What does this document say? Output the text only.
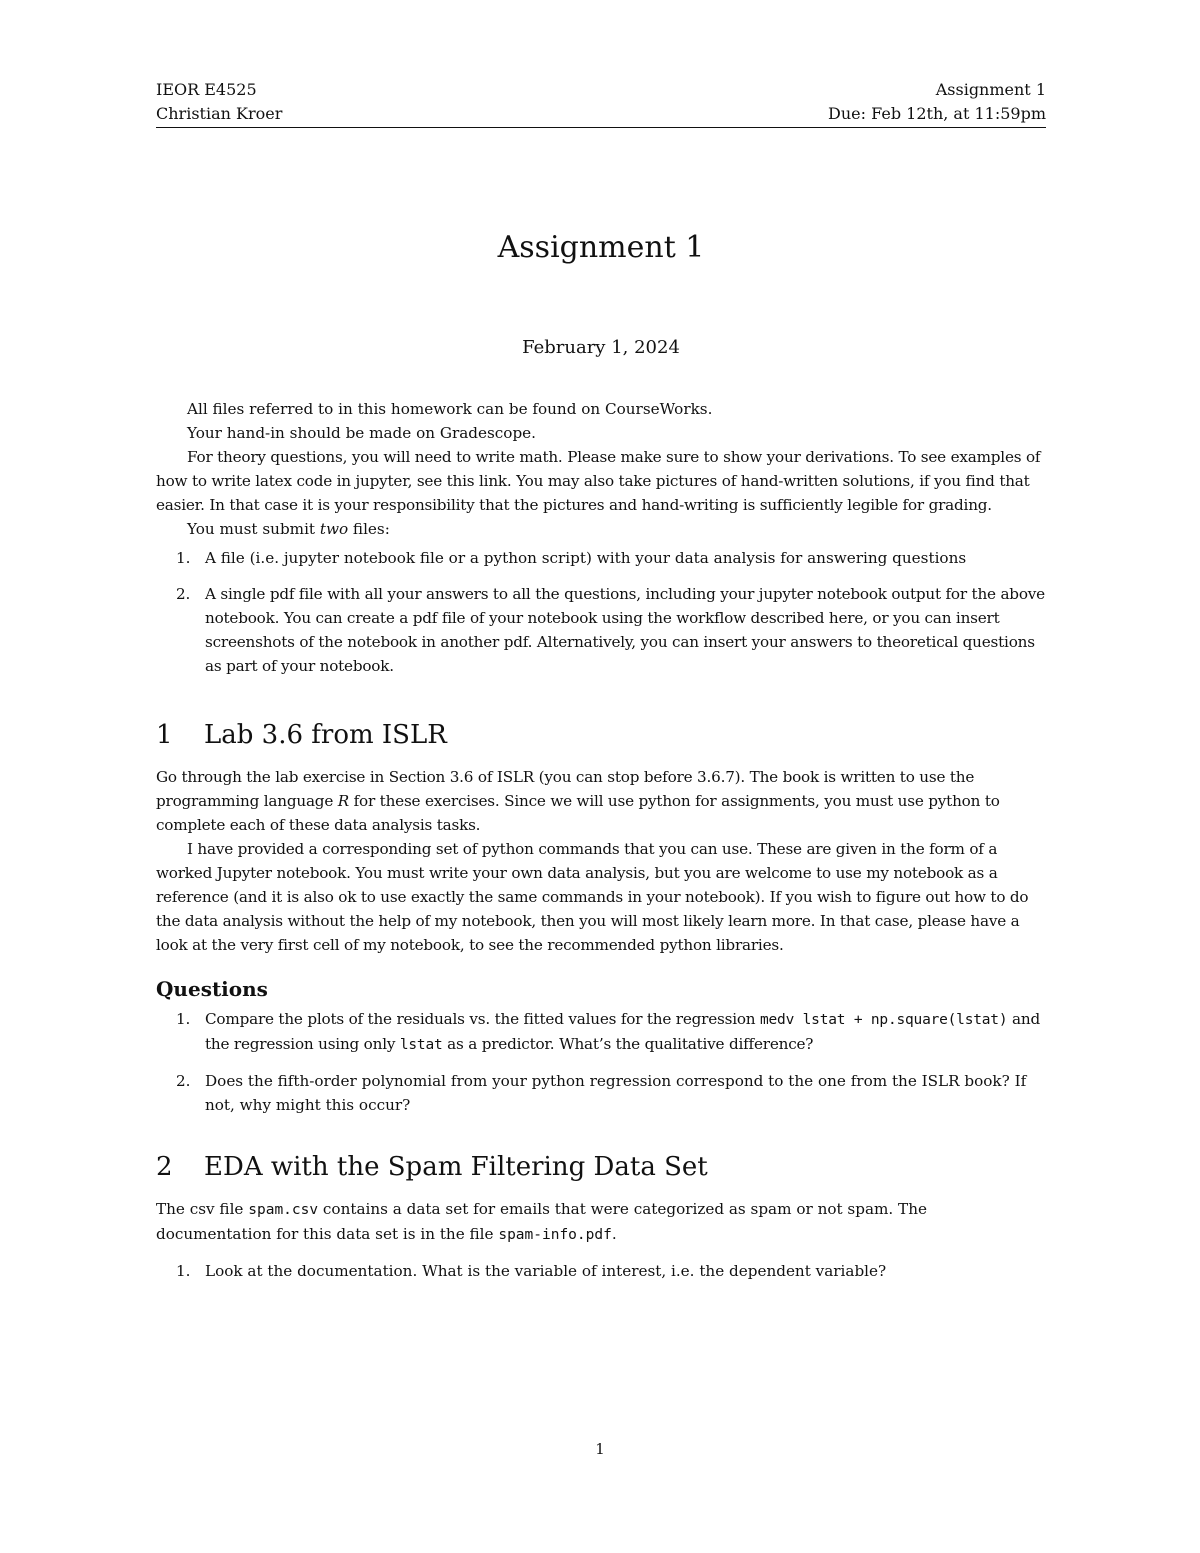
IEOR E4525	Assignment 1
Christian Kroer	Due: Feb 12th, at 11:59pm
Assignment 1
February 1, 2024

All files referred to in this homework can be found on CourseWorks.

Your hand-in should be made on Gradescope.

For theory questions, you will need to write math. Please make sure to show your derivations. To see examples of how to write latex code in jupyter, see this link. You may also take pictures of hand-written solutions, if you find that easier. In that case it is your responsibility that the pictures and hand-writing is sufficiently legible for grading.

You must submit two files:

1. A file (i.e. jupyter notebook file or a python script) with your data analysis for answering questions
2. A single pdf file with all your answers to all the questions, including your jupyter notebook output for the above notebook. You can create a pdf file of your notebook using the workflow described here, or you can insert screenshots of the notebook in another pdf. Alternatively, you can insert your answers to theoretical questions as part of your notebook.
1 Lab 3.6 from ISLR

Go through the lab exercise in Section 3.6 of ISLR (you can stop before 3.6.7). The book is written to use the programming language R for these exercises. Since we will use python for assignments, you must use python to complete each of these data analysis tasks.

I have provided a corresponding set of python commands that you can use. These are given in the form of a worked Jupyter notebook. You must write your own data analysis, but you are welcome to use my notebook as a reference (and it is also ok to use exactly the same commands in your notebook). If you wish to figure out how to do the data analysis without the help of my notebook, then you will most likely learn more. In that case, please have a look at the very first cell of my notebook, to see the recommended python libraries.

Questions
1. Compare the plots of the residuals vs. the fitted values for the regression medv lstat + np.square(lstat) and the regression using only lstat as a predictor. What’s the qualitative difference?
2. Does the fifth-order polynomial from your python regression correspond to the one from the ISLR book? If not, why might this occur?
2 EDA with the Spam Filtering Data Set

The csv file spam.csv contains a data set for emails that were categorized as spam or not spam. The documentation for this data set is in the file spam-info.pdf.

1. Look at the documentation. What is the variable of interest, i.e. the dependent variable?
1
